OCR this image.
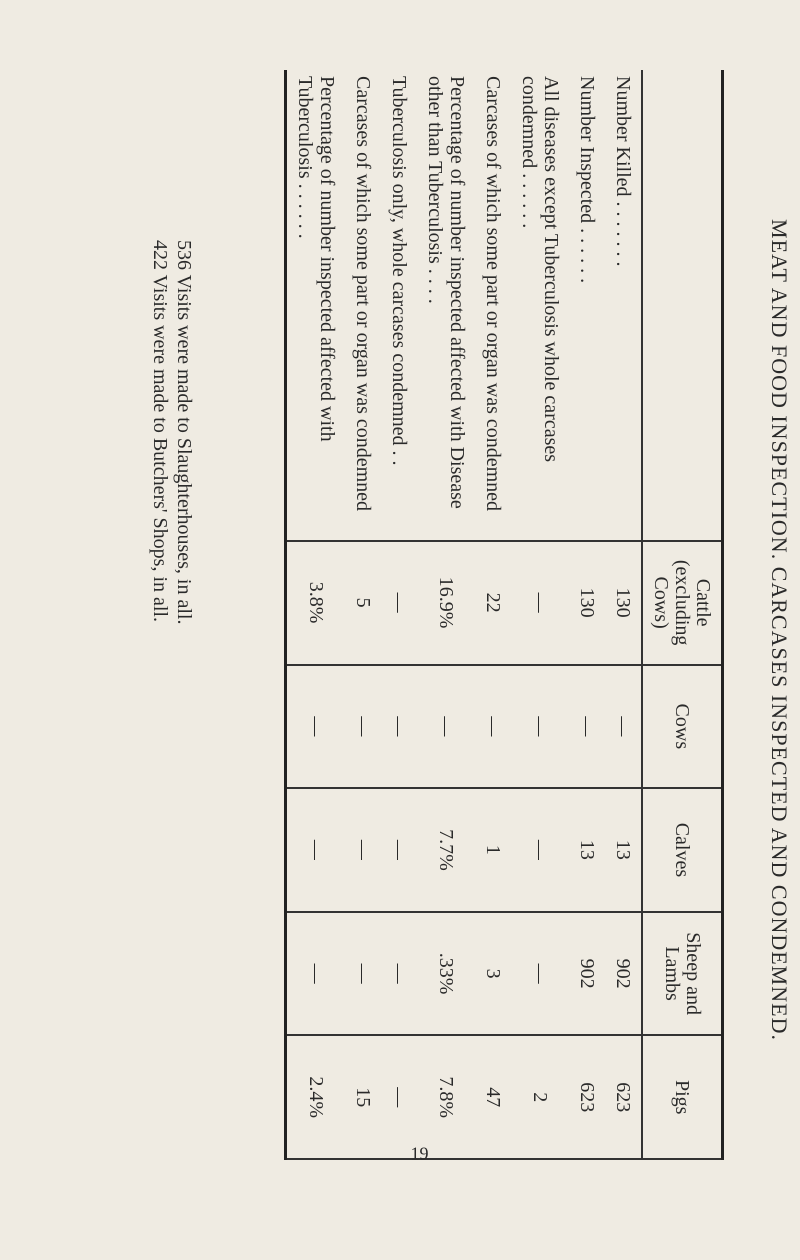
MEAT AND FOOD INSPECTION. CARCASES INSPECTED AND CONDEMNED.
	Cattle (excluding Cows)	Cows	Calves	Sheep and Lambs	Pigs
Number Killed . . . . . . .	130	—	13	902	623
Number Inspected . . . . . .	130	—	13	902	623
All diseases except Tuberculosis whole carcases condemned . . . . . .	—	—	—	—	2
Carcases of which some part or organ was condemned	22	—	1	3	47
Percentage of number inspected affected with Disease other than Tuberculosis . . . .	16.9%	—	7.7%	.33%	7.8%
Tuberculosis only, whole carcases condemned . .	—	—	—	—	—
Carcases of which some part or organ was condemned	5	—	—	—	15
Percentage of number inspected affected with Tuberculosis . . . . . .	3.8%	—	—	—	2.4%
536 Visits were made to Slaughterhouses, in all.
422 Visits were made to Butchers' Shops, in all.
19
